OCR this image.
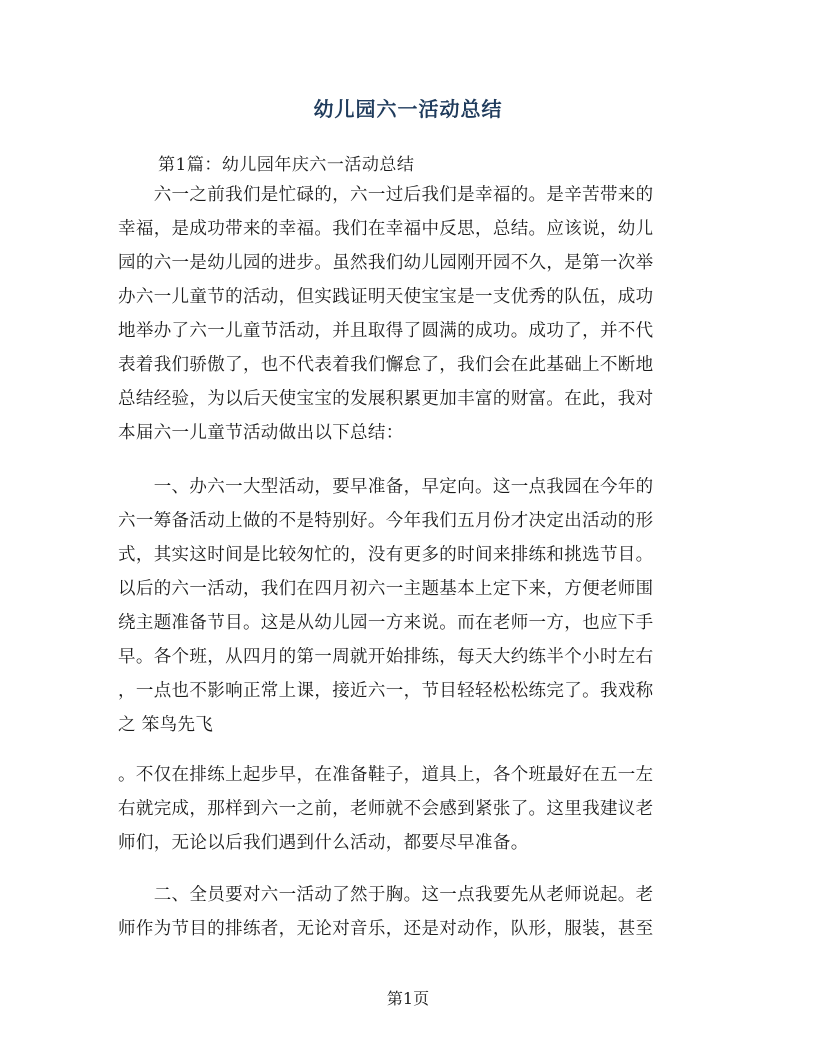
幼儿园六一活动总结
第1篇：幼儿园年庆六一活动总结
　　六一之前我们是忙碌的，六一过后我们是幸福的。是辛苦带来的
幸福，是成功带来的幸福。我们在幸福中反思，总结。应该说，幼儿
园的六一是幼儿园的进步。虽然我们幼儿园刚开园不久，是第一次举
办六一儿童节的活动，但实践证明天使宝宝是一支优秀的队伍，成功
地举办了六一儿童节活动，并且取得了圆满的成功。成功了，并不代
表着我们骄傲了，也不代表着我们懈怠了，我们会在此基础上不断地
总结经验，为以后天使宝宝的发展积累更加丰富的财富。在此，我对
本届六一儿童节活动做出以下总结：
　　一、办六一大型活动，要早准备，早定向。这一点我园在今年的
六一筹备活动上做的不是特别好。今年我们五月份才决定出活动的形
式，其实这时间是比较匆忙的，没有更多的时间来排练和挑选节目。
以后的六一活动，我们在四月初六一主题基本上定下来，方便老师围
绕主题准备节目。这是从幼儿园一方来说。而在老师一方，也应下手
早。各个班，从四月的第一周就开始排练，每天大约练半个小时左右
，一点也不影响正常上课，接近六一，节目轻轻松松练完了。我戏称
之 笨鸟先飞
。不仅在排练上起步早，在准备鞋子，道具上，各个班最好在五一左
右就完成，那样到六一之前，老师就不会感到紧张了。这里我建议老
师们，无论以后我们遇到什么活动，都要尽早准备。
　　二、全员要对六一活动了然于胸。这一点我要先从老师说起。老
师作为节目的排练者，无论对音乐，还是对动作，队形，服装，甚至
第1页
